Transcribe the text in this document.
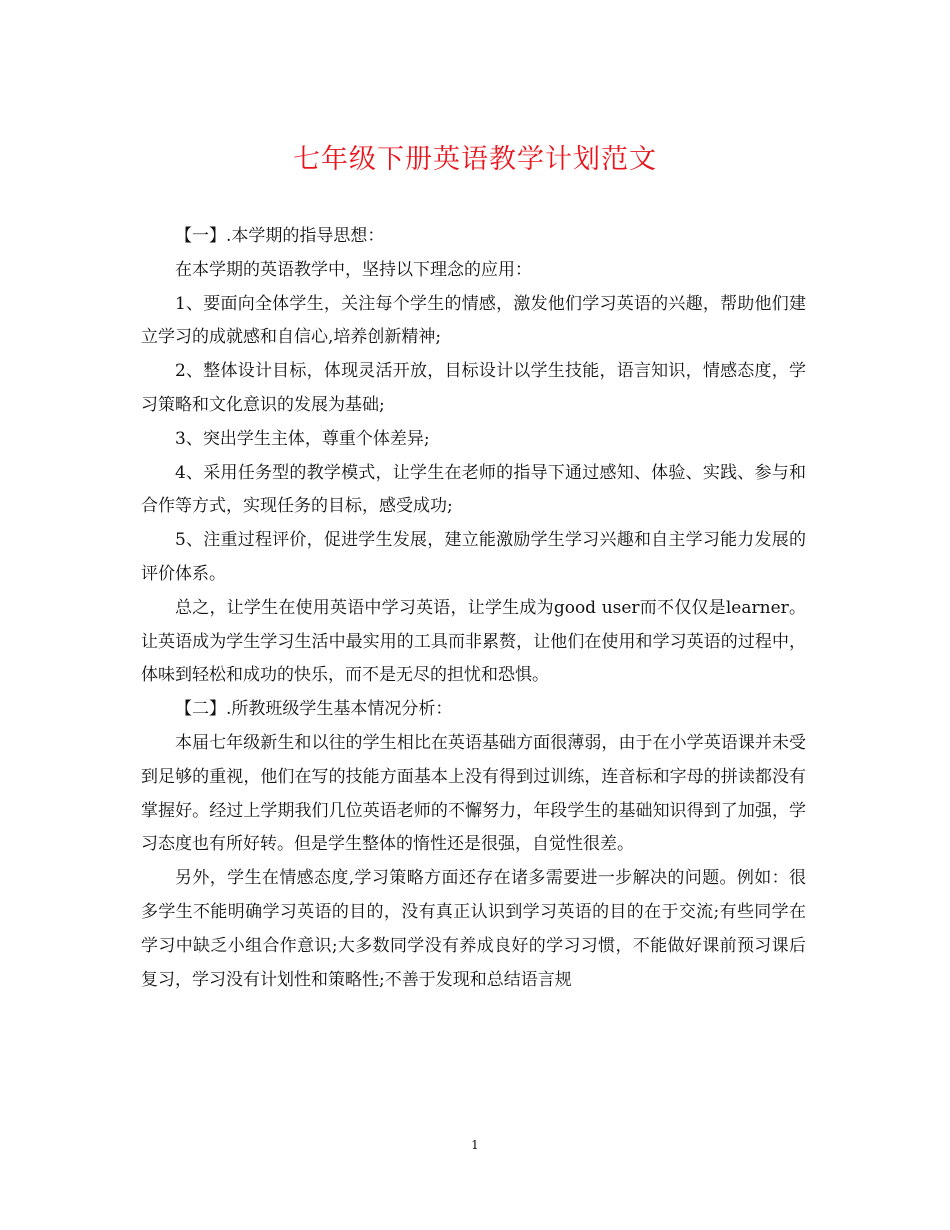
七年级下册英语教学计划范文

【一】.本学期的指导思想：

在本学期的英语教学中，坚持以下理念的应用：

1、要面向全体学生，关注每个学生的情感，激发他们学习英语的兴趣，帮助他们建立学习的成就感和自信心,培养创新精神;

2、整体设计目标，体现灵活开放，目标设计以学生技能，语言知识，情感态度，学习策略和文化意识的发展为基础;

3、突出学生主体，尊重个体差异;

4、采用任务型的教学模式，让学生在老师的指导下通过感知、体验、实践、参与和合作等方式，实现任务的目标，感受成功;

5、注重过程评价，促进学生发展，建立能激励学生学习兴趣和自主学习能力发展的评价体系。

总之，让学生在使用英语中学习英语，让学生成为good user而不仅仅是learner。让英语成为学生学习生活中最实用的工具而非累赘，让他们在使用和学习英语的过程中，体味到轻松和成功的快乐，而不是无尽的担忧和恐惧。

【二】.所教班级学生基本情况分析：

本届七年级新生和以往的学生相比在英语基础方面很薄弱，由于在小学英语课并未受到足够的重视，他们在写的技能方面基本上没有得到过训练，连音标和字母的拼读都没有掌握好。经过上学期我们几位英语老师的不懈努力，年段学生的基础知识得到了加强，学习态度也有所好转。但是学生整体的惰性还是很强，自觉性很差。

另外，学生在情感态度,学习策略方面还存在诸多需要进一步解决的问题。例如：很多学生不能明确学习英语的目的，没有真正认识到学习英语的目的在于交流;有些同学在学习中缺乏小组合作意识;大多数同学没有养成良好的学习习惯，不能做好课前预习课后复习，学习没有计划性和策略性;不善于发现和总结语言规

1
